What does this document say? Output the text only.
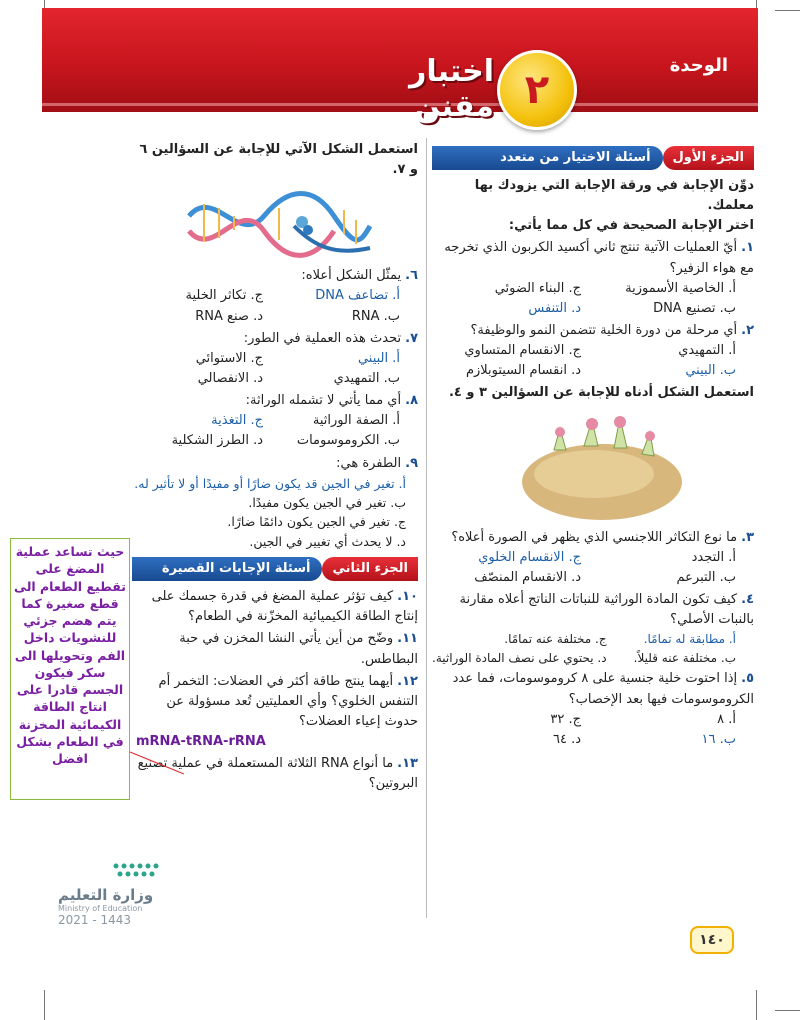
الوحدة
٢
اختبار مقنن
الجزء الأول
أسئلة الاختيار من متعدد
دوِّن الإجابة في ورقة الإجابة التي يزودك بها معلمك.
اختر الإجابة الصحيحة في كل مما يأتي:
١.أيّ العمليات الآتية تنتج ثاني أكسيد الكربون الذي تخرجه مع هواء الزفير؟
أ. الخاصية الأسموزية
ج. البناء الضوئي
ب. تصنيع DNA
د. التنفس
٢.أي مرحلة من دورة الخلية تتضمن النمو والوظيفة؟
أ. التمهيدي
ج. الانقسام المتساوي
ب. البيني
د. انقسام السيتوبلازم
استعمل الشكل أدناه للإجابة عن السؤالين ٣ و ٤.
٣.ما نوع التكاثر اللاجنسي الذي يظهر في الصورة أعلاه؟
أ. التجدد
ج. الانقسام الخلوي
ب. التبرعم
د. الانقسام المنصّف
٤.كيف تكون المادة الوراثية للنباتات الناتج أعلاه مقارنة بالنبات الأصلي؟
أ. مطابقة له تمامًا.
ج. مختلفة عنه تمامًا.
ب. مختلفة عنه قليلاً.
د. يحتوي على نصف المادة الوراثية.
٥.إذا احتوت خلية جنسية على ٨ كروموسومات، فما عدد الكروموسومات فيها بعد الإخصاب؟
أ. ٨
ج. ٣٢
ب. ١٦
د. ٦٤
استعمل الشكل الآتي للإجابة عن السؤالين ٦ و ٧.
٦.يمثّل الشكل أعلاه:
أ. تضاعف DNA
ج. تكاثر الخلية
ب. RNA
د. صنع RNA
٧.تحدث هذه العملية في الطور:
أ. البيني
ج. الاستوائي
ب. التمهيدي
د. الانفصالي
٨.أي مما يأتي لا تشمله الوراثة:
أ. الصفة الوراثية
ج. التغذية
ب. الكروموسومات
د. الطرز الشكلية
٩.الطفرة هي:
أ. تغير في الجين قد يكون ضارًا أو مفيدًا أو لا تأثير له.
ب. تغير في الجين يكون مفيدًا.
ج. تغير في الجين يكون دائمًا ضارًا.
د. لا يحدث أي تغيير في الجين.
الجزء الثاني
أسئلة الإجابات القصيرة
١٠.كيف تؤثر عملية المضغ في قدرة جسمك على إنتاج الطاقة الكيميائية المخزّنة في الطعام؟
١١.وضّح من أين يأتي النشا المخزن في حبة البطاطس.
١٢.أيهما ينتج طاقة أكثر في العضلات: التخمر أم التنفس الخلوي؟ وأي العمليتين تُعد مسؤولة عن حدوث إعياء العضلات؟
mRNA-tRNA-rRNA
١٣.ما أنواع RNA الثلاثة المستعملة في عملية تصنيع البروتين؟
حيث تساعد عملية المضغ على تقطيع الطعام الى قطع صغيرة كما يتم هضم جزئي للنشويات داخل الفم وتحويلها الى سكر فيكون الجسم قادرا على انتاج الطاقة الكيمائية المخزنة في الطعام بشكل افضل
وزارة التعليم
Ministry of Education
2021 - 1443
١٤٠
